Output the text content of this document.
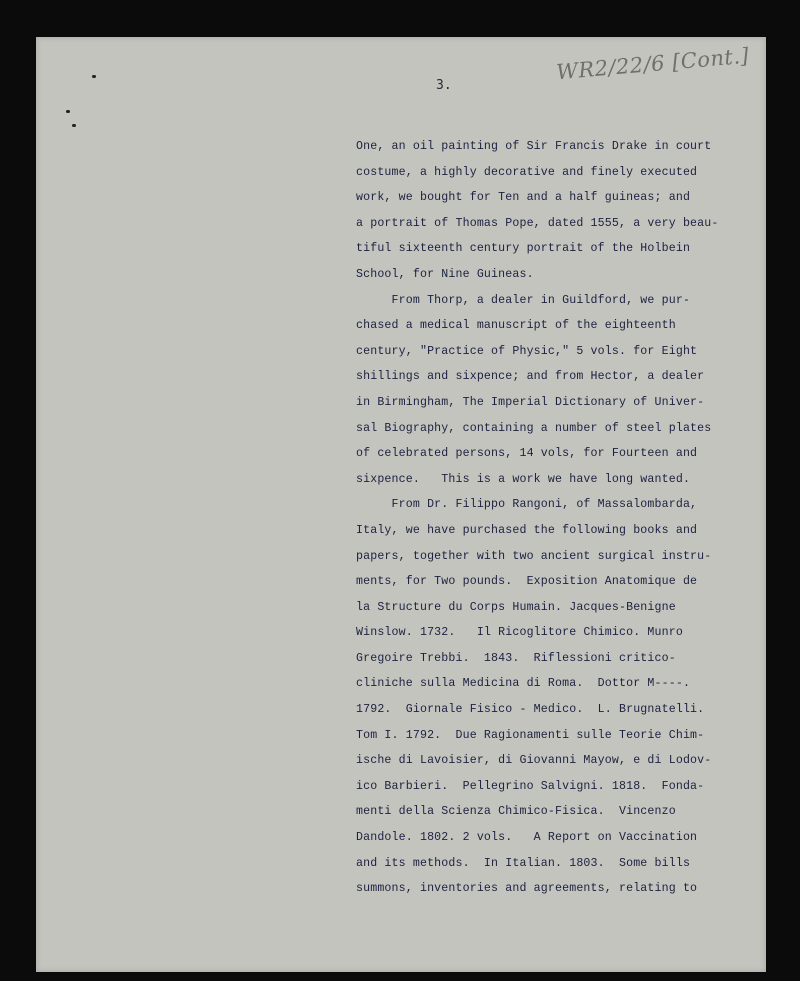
WR2/22/6 [Cont.]
3.
One, an oil painting of Sir Francis Drake in court
costume, a highly decorative and finely executed
work, we bought for Ten and a half guineas; and
a portrait of Thomas Pope, dated 1555, a very beau-
tiful sixteenth century portrait of the Holbein
School, for Nine Guineas.
From Thorp, a dealer in Guildford, we pur-
chased a medical manuscript of the eighteenth
century, "Practice of Physic," 5 vols. for Eight
shillings and sixpence; and from Hector, a dealer
in Birmingham, The Imperial Dictionary of Univer-
sal Biography, containing a number of steel plates
of celebrated persons, 14 vols, for Fourteen and
sixpence.   This is a work we have long wanted.
From Dr. Filippo Rangoni, of Massalombarda,
Italy, we have purchased the following books and
papers, together with two ancient surgical instru-
ments, for Two pounds.  Exposition Anatomique de
la Structure du Corps Humain. Jacques-Benigne
Winslow. 1732.   Il Ricoglitore Chimico. Munro
Gregoire Trebbi.  1843.  Riflessioni critico-
cliniche sulla Medicina di Roma.  Dottor M----.
1792.  Giornale Fisico - Medico.  L. Brugnatelli.
Tom I. 1792.  Due Ragionamenti sulle Teorie Chim-
ische di Lavoisier, di Giovanni Mayow, e di Lodov-
ico Barbieri.  Pellegrino Salvigni. 1818.  Fonda-
menti della Scienza Chimico-Fisica.  Vincenzo
Dandole. 1802. 2 vols.   A Report on Vaccination
and its methods.  In Italian. 1803.  Some bills
summons, inventories and agreements, relating to
